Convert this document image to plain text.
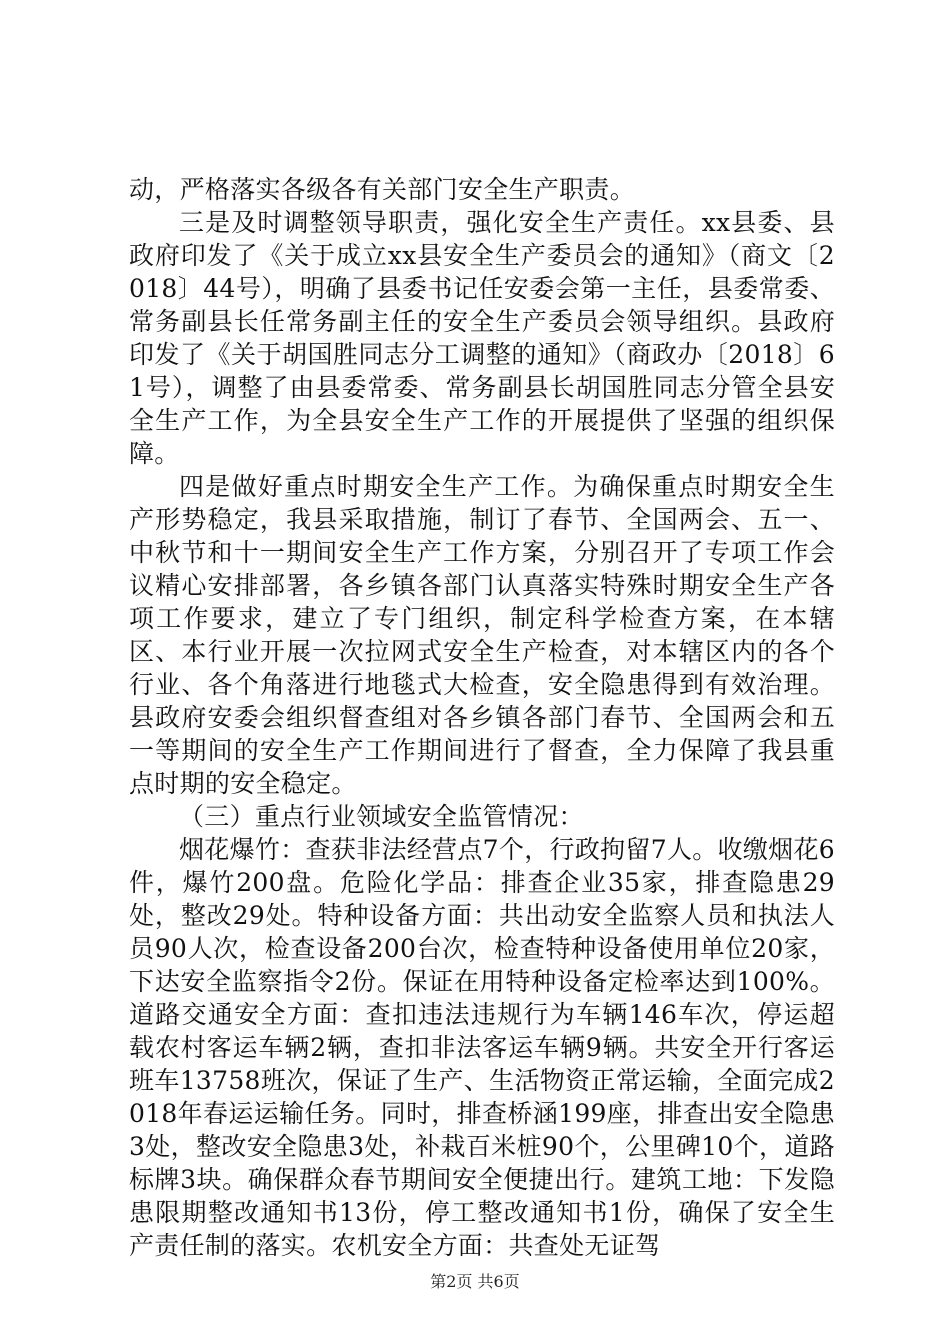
动，严格落实各级各有关部门安全生产职责。

三是及时调整领导职责，强化安全生产责任。xx县委、县政府印发了《关于成立xx县安全生产委员会的通知》（商文〔2018〕44号），明确了县委书记任安委会第一主任，县委常委、常务副县长任常务副主任的安全生产委员会领导组织。县政府印发了《关于胡国胜同志分工调整的通知》（商政办〔2018〕61号），调整了由县委常委、常务副县长胡国胜同志分管全县安全生产工作，为全县安全生产工作的开展提供了坚强的组织保障。

四是做好重点时期安全生产工作。为确保重点时期安全生产形势稳定，我县采取措施，制订了春节、全国两会、五一、中秋节和十一期间安全生产工作方案，分别召开了专项工作会议精心安排部署，各乡镇各部门认真落实特殊时期安全生产各项工作要求，建立了专门组织，制定科学检查方案，在本辖区、本行业开展一次拉网式安全生产检查，对本辖区内的各个行业、各个角落进行地毯式大检查，安全隐患得到有效治理。县政府安委会组织督查组对各乡镇各部门春节、全国两会和五一等期间的安全生产工作期间进行了督查，全力保障了我县重点时期的安全稳定。

（三）重点行业领域安全监管情况：

烟花爆竹：查获非法经营点7个，行政拘留7人。收缴烟花6件，爆竹200盘。危险化学品：排查企业35家，排查隐患29处，整改29处。特种设备方面：共出动安全监察人员和执法人员90人次，检查设备200台次，检查特种设备使用单位20家，下达安全监察指令2份。保证在用特种设备定检率达到100%。道路交通安全方面：查扣违法违规行为车辆146车次，停运超载农村客运车辆2辆，查扣非法客运车辆9辆。共安全开行客运班车13758班次，保证了生产、生活物资正常运输，全面完成2018年春运运输任务。同时，排查桥涵199座，排查出安全隐患3处，整改安全隐患3处，补栽百米桩90个，公里碑10个，道路标牌3块。确保群众春节期间安全便捷出行。建筑工地：下发隐患限期整改通知书13份，停工整改通知书1份，确保了安全生产责任制的落实。农机安全方面：共查处无证驾

第2页 共6页
